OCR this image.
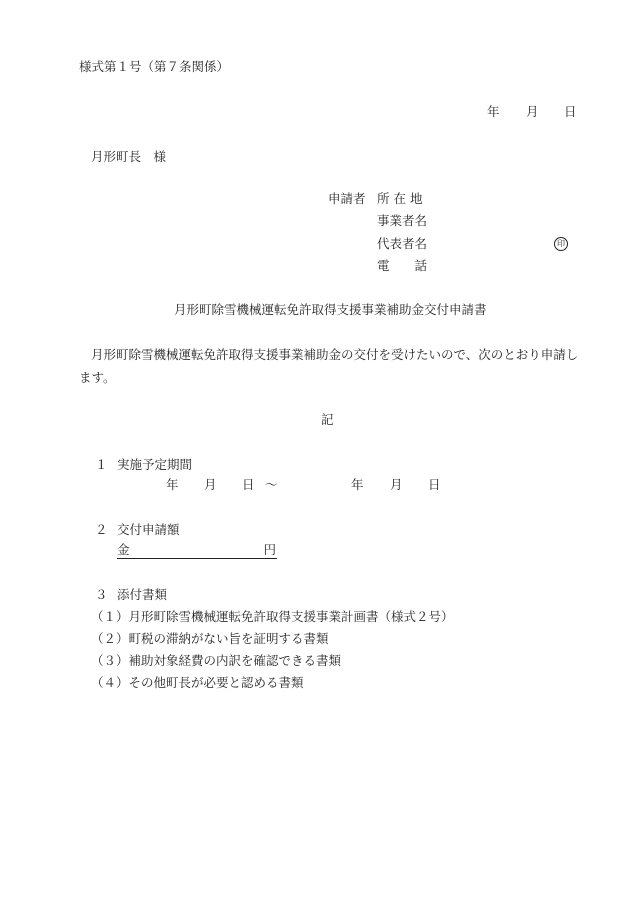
様式第１号（第７条関係）
年 月 日
月形町長　様
申請者 所 在 地
事業者名
代表者名	印
電　　話
月形町除雪機械運転免許取得支援事業補助金交付申請書
月形町除雪機械運転免許取得支援事業補助金の交付を受けたいので、次のとおり申請し
ます。
記
１ 実施予定期間
年 月 日 ～	年 月 日
２ 交付申請額
金	円
３ 添付書類
（１）月形町除雪機械運転免許取得支援事業計画書（様式２号）
（２）町税の滞納がない旨を証明する書類
（３）補助対象経費の内訳を確認できる書類
（４）その他町長が必要と認める書類
